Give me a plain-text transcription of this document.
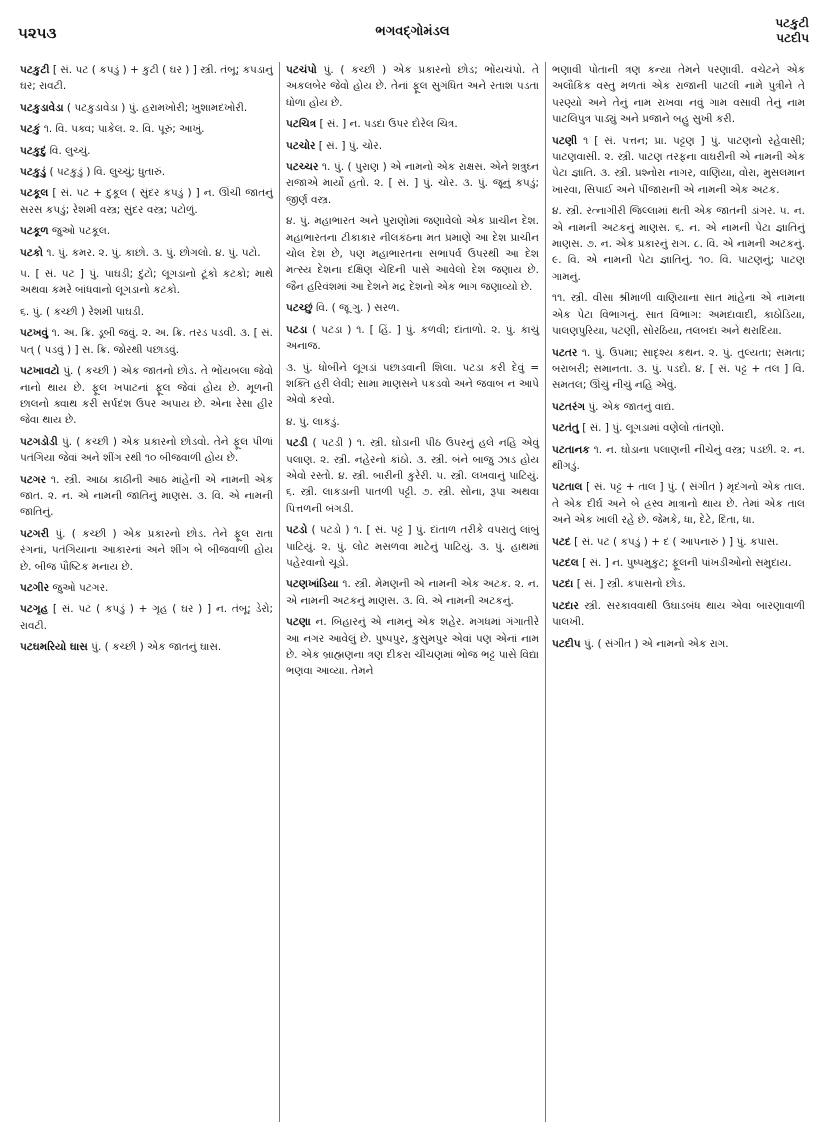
૫૨૫૩	ભગવદ્ગોમંડલ
પટકુટી
પટદીપ
પટકુટી [ સં. પટ ( કપડું ) + કુટી ( ઘર ) ] સ્ત્રી. તંબૂ; કપડાનું ઘર; રાવટી.
પટકુડાવેડા ( પટકુડાવેડા ) પું. હરામખોરી; ખુશામદખોરી.
પટકું ૧. વિ. પક્વ; પાકેલ. ૨. વિ. પૂરું; આખું.
પટકુદું વિ. લુચ્ચું.
પટકુડું ( પટકુડું ) વિ. લુચ્ચું; ધુતારું.
પટકૂલ [ સં. પટ + દુકૂલ ( સુંદર કપડું ) ] ન. ઊંચી જાતનું સરસ કપડું; રેશમી વસ્ત્ર; સુંદર વસ્ત્ર; પટોળું.
પટકૂળ જુઓ પટકૂલ.
પટકો ૧. પું. કમર. ૨. પું. કાછો. ૩. પું. છોગલો. ૪. પું. પટો.
૫. [ સં. પટ ] પું. પાઘડી; દુંટો; લૂગડાનો ટૂંકો કટકો; માથે અથવા કમરે બાંધવાનો લૂગડાનો કટકો.
૬. પું. ( કચ્છી ) રેશમી પાઘડી.
પટખવું ૧. અ. ક્રિ. ડૂબી જવું. ૨. અ. ક્રિ. તરડ પડવી. ૩. [ સં. પત્ ( પડવું ) ] સ. ક્રિ. જોરથી પછાડવું.
પટખાવટો પું. ( કચ્છી ) એક જાતનો છોડ. તે ભોંયબલા જેવો નાનો થાય છે. ફૂલ ખપાટનાં ફૂલ જેવાં હોય છે. મૂળની છાલનો ક્વાથ કરી સર્પદંશ ઉપર અપાય છે. એના રેસા હીર જેવા થાય છે.
પટગડોડી પું. ( કચ્છી ) એક પ્રકારનો છોડવો. તેને ફૂલ પીળાં પતંગિયા જેવાં અને શીંગ રથી ૧૦ બીજવાળી હોય છે.
પટગર ૧. સ્ત્રી. આઠા કાઠીની આઠ માંહેની એ નામની એક જાત. ૨. ન. એ નામની જાતિનું માણસ. ૩. વિ. એ નામની જાતિનું.
પટગરી પું. ( કચ્છી ) એક પ્રકારનો છોડ. તેને ફૂલ રાતા રંગનાં, પતંગિયાના આકારનાં અને શીંગ બે બીજવાળી હોય છે. બીજ પૌષ્ટિક મનાય છે.
પટગીર જુઓ પટગર.
પટગૃહ [ સં. પટ ( કપડું ) + ગૃહ ( ઘર ) ] ન. તંબૂ; ડેરો; રાવટી.
પટઘમરિયો ઘાસ પું. ( કચ્છી ) એક જાતનું ઘાસ.
પટચંપો પું. ( કચ્છી ) એક પ્રકારનો છોડ; ભોંયચંપો. તે અકલબેર જેવો હોય છે. તેનાં ફૂલ સુગંધિત અને રતાશ પડતા ધોળા હોય છે.
પટચિત્ર [ સં. ] ન. પડદા ઉપર દોરેલ ચિત્ર.
પટચોર [ સં. ] પું. ચોર.
પટચ્ચર ૧. પું. ( પુરાણ ) એ નામનો એક રાક્ષસ. એને શત્રુઘ્ન રાજાએ માર્યો હતો. ૨. [ સં. ] પું. ચોર. ૩. પું. જૂનું કપડું; જીર્ણ વસ્ત્ર.
૪. પું. મહાભારત અને પુરાણોમાં જણાવેલો એક પ્રાચીન દેશ. મહાભારતના ટીકાકાર નીલકંઠના મત પ્રમાણે આ દેશ પ્રાચીન ચોલ દેશ છે, પણ મહાભારતના સભાપર્વ ઉપરથી આ દેશ મત્સ્ય દેશના દક્ષિણ ચેદિની પાસે આવેલો દેશ જણાય છે. જૈન હરિવંશમાં આ દેશને મદ્ર દેશનો એક ભાગ જણાવ્યો છે.
પટચ્છું વિ. ( જૂ ગુ. ) સરળ.
પટડા ( પટડા ) ૧. [ હિં. ] પું. કળવી; દાંતાળો. ૨. પું. કાચું અનાજ.
૩. પું. ધોબીને લૂગડાં પછાડવાની શિલા. પટડા કરી દેવું = શક્તિ હરી લેવી; સામા માણસને પકડવો અને જવાબ ન આપે એવો કરવો.
૪. પું. લાકડું.
પટડી ( પટડી ) ૧. સ્ત્રી. ઘોડાની પીઠ ઉપરનું હલે નહિ એવું પલાણ. ૨. સ્ત્રી. નહેરનો કાંઠો. ૩. સ્ત્રી. બંને બાજુ ઝાડ હોય એવો રસ્તો. ૪. સ્ત્રી. બારીની કુરેરી. ૫. સ્ત્રી. લખવાનું પાટિયું. ૬. સ્ત્રી. લાકડાની પાતળી પટ્ટી. ૭. સ્ત્રી. સોના, રૂપા અથવા પિત્તળની બંગડી.
પટડો ( પટડો ) ૧. [ સં. પટ્ટ ] પું. દાંતાળ તરીકે વપરાતું લાંબું પાટિયું. ૨. પું. લોટ મસળવા માટેનું પાટિયું. ૩. પું. હાથમાં પહેરવાનો ચૂડો.
પટણખાંડિયા ૧. સ્ત્રી. મેમણની એ નામની એક અટક. ૨. ન. એ નામની અટકનું માણસ. ૩. વિ. એ નામની અટકનું.
પટણા ન. બિહારનું એ નામનું એક શહેર. મગધમાં ગંગાતીરે આ નગર આવેલું છે. પુષ્પપુર, કુસુમપુર એવાં પણ એનાં નામ છે. એક બ્રાહ્મણના ત્રણ દીકરા ચીંચણમાં ભોજ ભટ્ટ પાસે વિદ્યા ભણવા આવ્યા. તેમને
ભણાવી પોતાની ત્રણ કન્યા તેમને પરણાવી. વચેટને એક અલૌકિક વસ્તુ મળતાં એક રાજાની પાટલી નામે પુત્રીને તે પરણ્યો અને તેનું નામ રાખવા નવું ગામ વસાવી તેનું નામ પાટલિપુત્ર પાડ્યું અને પ્રજાને બહુ સુખી કરી.
પટણી ૧ [ સં. પત્તન; પ્રા. પટ્ટણ ] પું. પાટણનો રહેવાસી; પાટણવાસી. ૨. સ્ત્રી. પાટણ તરફના વાઘરીની એ નામની એક પેટા જ્ઞાતિ. ૩. સ્ત્રી. પ્રશ્નોરા નાગર, વાણિયા, વોરા, મુસલમાન ખારવા, સિપાઈ અને પીંજારાની એ નામની એક અટક.
૪. સ્ત્રી. રત્નાગીરી જિલ્લામાં થતી એક જાતની ડાંગર. ૫. ન. એ નામની અટકનું માણસ. ૬. ન. એ નામની પેટા જ્ઞાતિનું માણસ. ૭. ન. એક પ્રકારનું રાગ. ૮. વિ. એ નામની અટકનું. ૯. વિ. એ નામની પેટા જ્ઞાતિનું. ૧૦. વિ. પાટણનું; પાટણ ગામનું.
૧૧. સ્ત્રી. વીસા શ્રીમાળી વાણિયાના સાત માંહેના એ નામના એક પેટા વિભાગનું. સાત વિભાગ: અમદાવાદી, કાઠોડિયા, પાલણપુરિયા, પટણી, સોરઠિયા, તલબદા અને થરાદિયા.
પટતર ૧. પું. ઉપમા; સાદૃશ્ય કથન. ૨. પું. તુલ્યતા; સમતા; બરાબરી; સમાનતા. ૩. પું. પડદો. ૪. [ સં. પટ્ટ + તલ ] વિ. સમતલ; ઊંચું નીચું નહિ એવું.
પટતરંગ પું. એક જાતનું વાદ્ય.
પટતંતુ [ સં. ] પું. લૂગડામાં વણેલો તાંતણો.
પટતાનક ૧. ન. ઘોડાના પલાણની નીચેનું વસ્ત્ર; પડછી. ૨. ન. થીગડું.
પટતાલ [ સં. પટ્ટ + તાલ ] પું. ( સંગીત ) મૃદંગનો એક તાલ. તે એક દીર્ઘ અને બે હ્રસ્વ માત્રાનો થાય છે. તેમાં એક તાલ અને એક ખાલી રહે છે. જેમકે, ધા, દેટે, દિંતા, ધા.
પટદ [ સં. પટ ( કપડું ) + દ ( આપનારું ) ] પું. કપાસ.
પટદલ [ સં. ] ન. પુષ્પમુકુટ; ફૂલની પાંખડીઓનો સમુદાય.
પટદા [ સં. ] સ્ત્રી. કપાસનો છોડ.
પટદાર સ્ત્રી. સરકાવવાથી ઉઘાડબંધ થાય એવા બારણાવાળી પાલખી.
પટદીપ પું. ( સંગીત ) એ નામનો એક રાગ.
